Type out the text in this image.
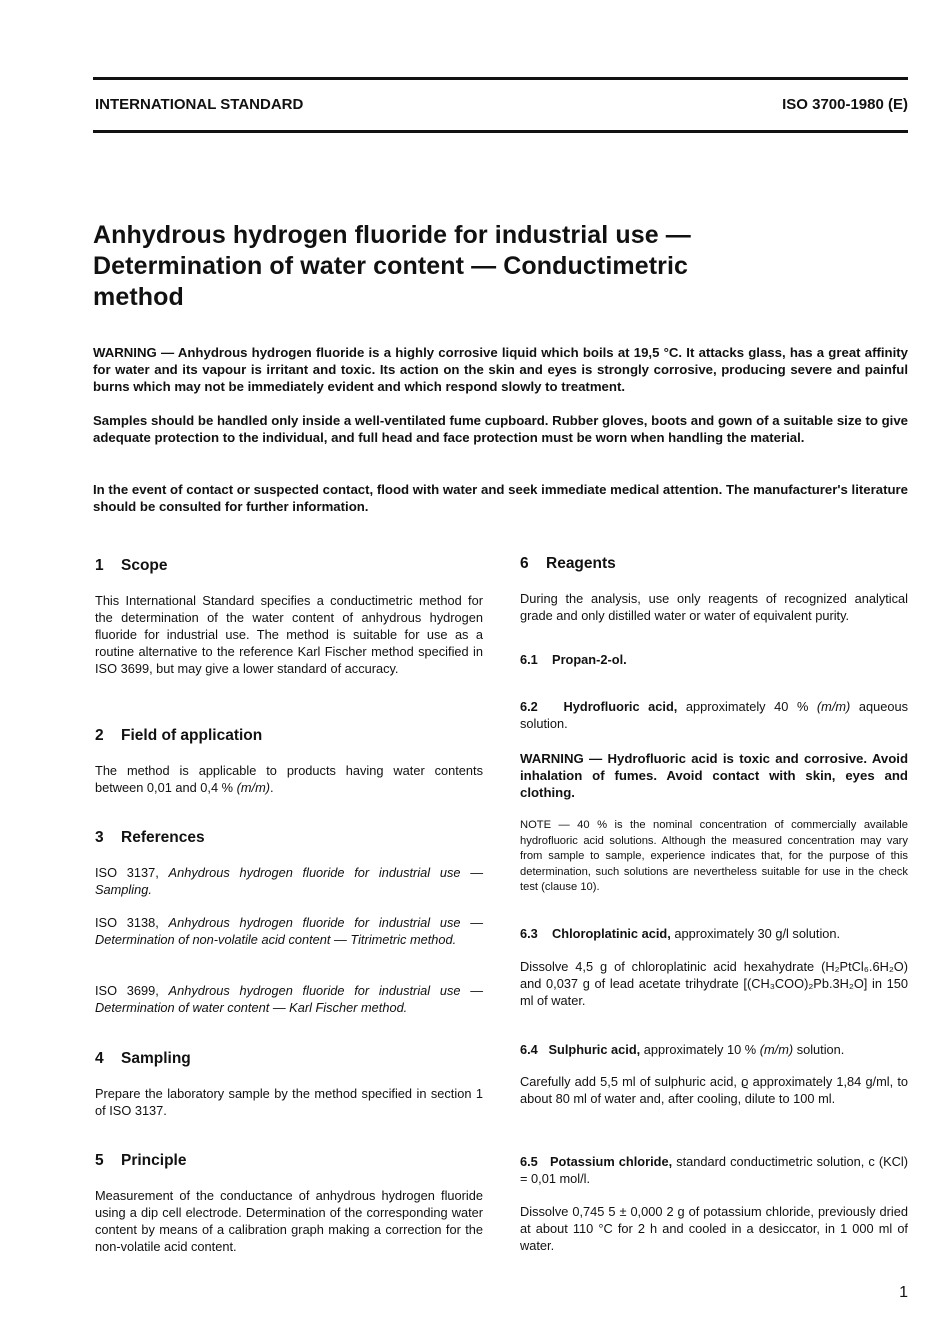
INTERNATIONAL STANDARD	ISO 3700-1980 (E)
Anhydrous hydrogen fluoride for industrial use —
Determination of water content — Conductimetric
method
WARNING — Anhydrous hydrogen fluoride is a highly corrosive liquid which boils at 19,5 °C. It attacks glass, has a great affinity for water and its vapour is irritant and toxic. Its action on the skin and eyes is strongly corrosive, producing severe and painful burns which may not be immediately evident and which respond slowly to treatment.
Samples should be handled only inside a well-ventilated fume cupboard. Rubber gloves, boots and gown of a suitable size to give adequate protection to the individual, and full head and face protection must be worn when handling the material.
In the event of contact or suspected contact, flood with water and seek immediate medical attention. The manufacturer's literature should be consulted for further information.
1 Scope
This International Standard specifies a conductimetric method for the determination of the water content of anhydrous hydrogen fluoride for industrial use. The method is suitable for use as a routine alternative to the reference Karl Fischer method specified in ISO 3699, but may give a lower standard of accuracy.
2 Field of application
The method is applicable to products having water contents between 0,01 and 0,4 % (m/m).
3 References
ISO 3137, Anhydrous hydrogen fluoride for industrial use — Sampling.
ISO 3138, Anhydrous hydrogen fluoride for industrial use — Determination of non-volatile acid content — Titrimetric method.
ISO 3699, Anhydrous hydrogen fluoride for industrial use — Determination of water content — Karl Fischer method.
4 Sampling
Prepare the laboratory sample by the method specified in section 1 of ISO 3137.
5 Principle
Measurement of the conductance of anhydrous hydrogen fluoride using a dip cell electrode. Determination of the corresponding water content by means of a calibration graph making a correction for the non-volatile acid content.
6 Reagents
During the analysis, use only reagents of recognized analytical grade and only distilled water or water of equivalent purity.
6.1 Propan-2-ol.
6.2 Hydrofluoric acid, approximately 40 % (m/m) aqueous solution.
WARNING — Hydrofluoric acid is toxic and corrosive. Avoid inhalation of fumes. Avoid contact with skin, eyes and clothing.
NOTE — 40 % is the nominal concentration of commercially available hydrofluoric acid solutions. Although the measured concentration may vary from sample to sample, experience indicates that, for the purpose of this determination, such solutions are nevertheless suitable for use in the check test (clause 10).
6.3 Chloroplatinic acid, approximately 30 g/l solution.
Dissolve 4,5 g of chloroplatinic acid hexahydrate (H₂PtCl₆.6H₂O) and 0,037 g of lead acetate trihydrate [(CH₃COO)₂Pb.3H₂O] in 150 ml of water.
6.4 Sulphuric acid, approximately 10 % (m/m) solution.
Carefully add 5,5 ml of sulphuric acid, ϱ approximately 1,84 g/ml, to about 80 ml of water and, after cooling, dilute to 100 ml.
6.5 Potassium chloride, standard conductimetric solution, c (KCl) = 0,01 mol/l.
Dissolve 0,745 5 ± 0,000 2 g of potassium chloride, previously dried at about 110 °C for 2 h and cooled in a desiccator, in 1 000 ml of water.
1
